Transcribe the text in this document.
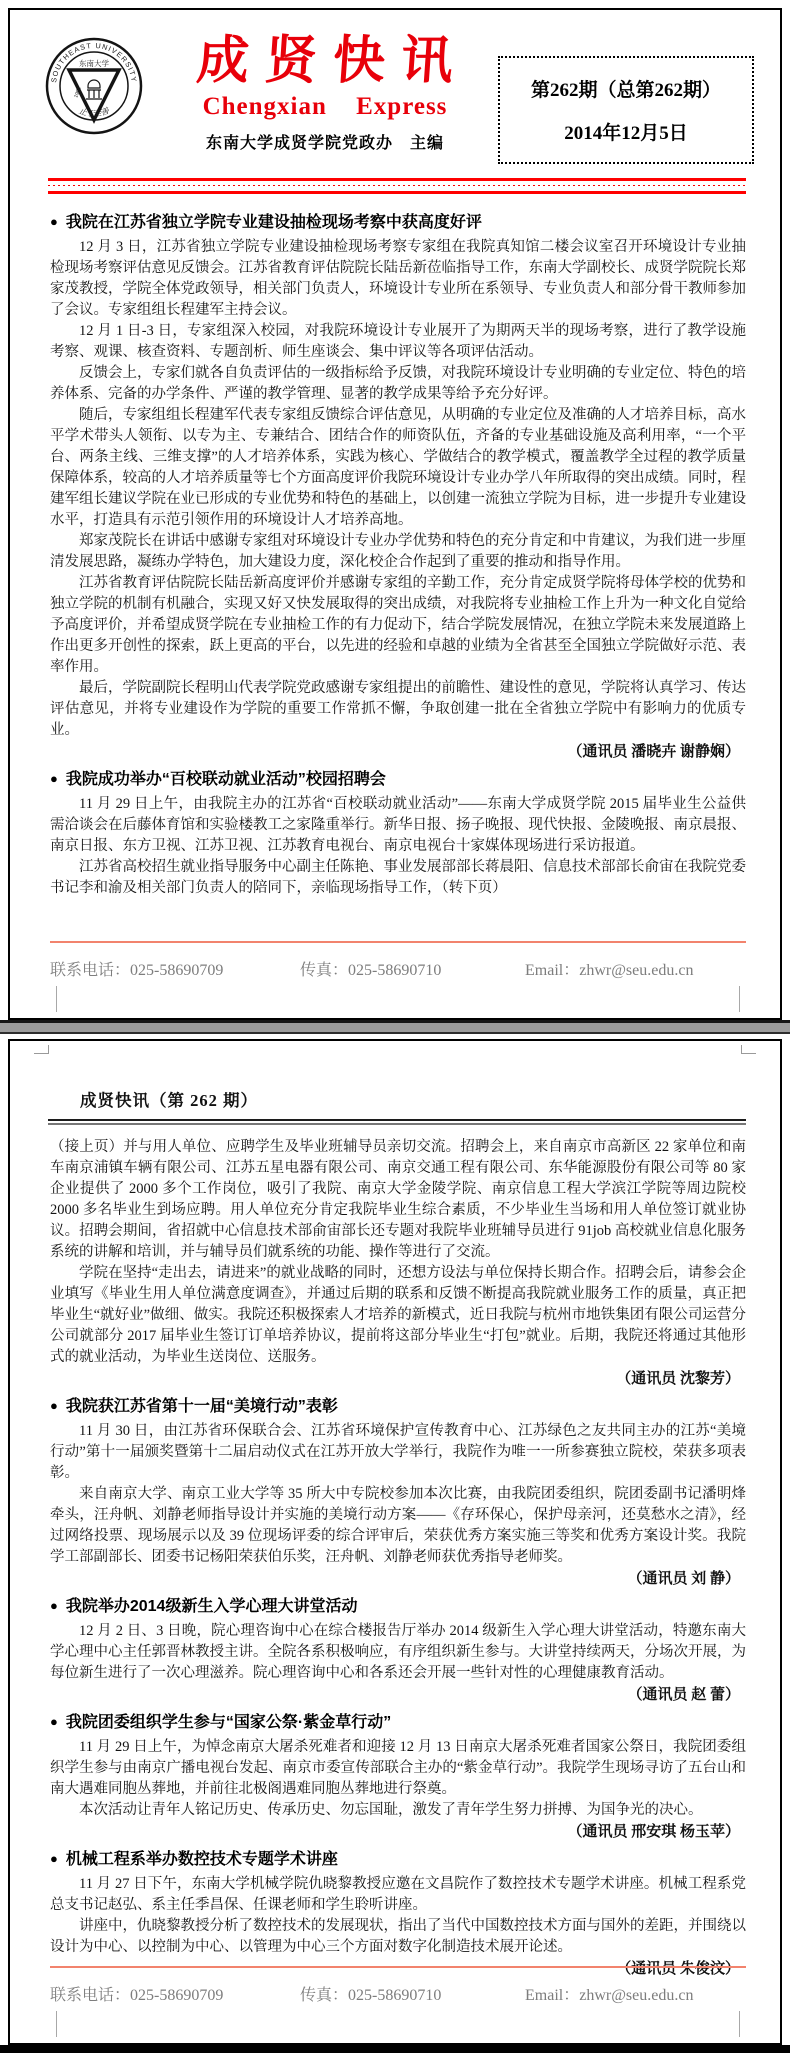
SOUTHEAST UNIVERSITY
止于至善
东南大学
1902
成贤快讯
Chengxian Express
东南大学成贤学院党政办　主编
第262期（总第262期）
2014年12月5日
● 我院在江苏省独立学院专业建设抽检现场考察中获高度好评

12 月 3 日，江苏省独立学院专业建设抽检现场考察专家组在我院真知馆二楼会议室召开环境设计专业抽检现场考察评估意见反馈会。江苏省教育评估院院长陆岳新莅临指导工作，东南大学副校长、成贤学院院长郑家茂教授，学院全体党政领导，相关部门负责人，环境设计专业所在系领导、专业负责人和部分骨干教师参加了会议。专家组组长程建军主持会议。

12 月 1 日-3 日，专家组深入校园，对我院环境设计专业展开了为期两天半的现场考察，进行了教学设施考察、观课、核查资料、专题剖析、师生座谈会、集中评议等各项评估活动。

反馈会上，专家们就各自负责评估的一级指标给予反馈，对我院环境设计专业明确的专业定位、特色的培养体系、完备的办学条件、严谨的教学管理、显著的教学成果等给予充分好评。

随后，专家组组长程建军代表专家组反馈综合评估意见，从明确的专业定位及准确的人才培养目标，高水平学术带头人领衔、以专为主、专兼结合、团结合作的师资队伍，齐备的专业基础设施及高利用率，“一个平台、两条主线、三维支撑”的人才培养体系，实践为核心、学做结合的教学模式，覆盖教学全过程的教学质量保障体系，较高的人才培养质量等七个方面高度评价我院环境设计专业办学八年所取得的突出成绩。同时，程建军组长建议学院在业已形成的专业优势和特色的基础上，以创建一流独立学院为目标，进一步提升专业建设水平，打造具有示范引领作用的环境设计人才培养高地。

郑家茂院长在讲话中感谢专家组对环境设计专业办学优势和特色的充分肯定和中肯建议，为我们进一步厘清发展思路，凝练办学特色，加大建设力度，深化校企合作起到了重要的推动和指导作用。

江苏省教育评估院院长陆岳新高度评价并感谢专家组的辛勤工作，充分肯定成贤学院将母体学校的优势和独立学院的机制有机融合，实现又好又快发展取得的突出成绩，对我院将专业抽检工作上升为一种文化自觉给予高度评价，并希望成贤学院在专业抽检工作的有力促动下，结合学院发展情况，在独立学院未来发展道路上作出更多开创性的探索，跃上更高的平台，以先进的经验和卓越的业绩为全省甚至全国独立学院做好示范、表率作用。

最后，学院副院长程明山代表学院党政感谢专家组提出的前瞻性、建设性的意见，学院将认真学习、传达评估意见，并将专业建设作为学院的重要工作常抓不懈，争取创建一批在全省独立学院中有影响力的优质专业。

（通讯员 潘晓卉 谢静娴）

● 我院成功举办“百校联动就业活动”校园招聘会

11 月 29 日上午，由我院主办的江苏省“百校联动就业活动”——东南大学成贤学院 2015 届毕业生公益供需洽谈会在后藤体育馆和实验楼教工之家隆重举行。新华日报、扬子晚报、现代快报、金陵晚报、南京晨报、南京日报、东方卫视、江苏卫视、江苏教育电视台、南京电视台十家媒体现场进行采访报道。

江苏省高校招生就业指导服务中心副主任陈艳、事业发展部部长蒋晨阳、信息技术部部长俞宙在我院党委书记李和渝及相关部门负责人的陪同下，亲临现场指导工作，（转下页）

联系电话：025-58690709	传真：025-58690710	Email：zhwr@seu.edu.cn
成贤快讯（第 262 期）

（接上页）并与用人单位、应聘学生及毕业班辅导员亲切交流。招聘会上，来自南京市高新区 22 家单位和南车南京浦镇车辆有限公司、江苏五星电器有限公司、南京交通工程有限公司、东华能源股份有限公司等 80 家企业提供了 2000 多个工作岗位，吸引了我院、南京大学金陵学院、南京信息工程大学滨江学院等周边院校 2000 多名毕业生到场应聘。用人单位充分肯定我院毕业生综合素质，不少毕业生当场和用人单位签订就业协议。招聘会期间，省招就中心信息技术部俞宙部长还专题对我院毕业班辅导员进行 91job 高校就业信息化服务系统的讲解和培训，并与辅导员们就系统的功能、操作等进行了交流。

学院在坚持“走出去，请进来”的就业战略的同时，还想方设法与单位保持长期合作。招聘会后，请参会企业填写《毕业生用人单位满意度调查》，并通过后期的联系和反馈不断提高我院就业服务工作的质量，真正把毕业生“就好业”做细、做实。我院还积极探索人才培养的新模式，近日我院与杭州市地铁集团有限公司运营分公司就部分 2017 届毕业生签订订单培养协议，提前将这部分毕业生“打包”就业。后期，我院还将通过其他形式的就业活动，为毕业生送岗位、送服务。

（通讯员 沈黎芳）

● 我院获江苏省第十一届“美境行动”表彰

11 月 30 日，由江苏省环保联合会、江苏省环境保护宣传教育中心、江苏绿色之友共同主办的江苏“美境行动”第十一届颁奖暨第十二届启动仪式在江苏开放大学举行，我院作为唯一一所参赛独立院校，荣获多项表彰。

来自南京大学、南京工业大学等 35 所大中专院校参加本次比赛，由我院团委组织，院团委副书记潘明烽牵头，汪舟帆、刘静老师指导设计并实施的美境行动方案——《存环保心，保护母亲河，还莫愁水之清》，经过网络投票、现场展示以及 39 位现场评委的综合评审后，荣获优秀方案实施三等奖和优秀方案设计奖。我院学工部副部长、团委书记杨阳荣获伯乐奖，汪舟帆、刘静老师获优秀指导老师奖。

（通讯员 刘 静）

● 我院举办2014级新生入学心理大讲堂活动

12 月 2 日、3 日晚，院心理咨询中心在综合楼报告厅举办 2014 级新生入学心理大讲堂活动，特邀东南大学心理中心主任郭晋林教授主讲。全院各系积极响应，有序组织新生参与。大讲堂持续两天，分场次开展，为每位新生进行了一次心理滋养。院心理咨询中心和各系还会开展一些针对性的心理健康教育活动。

（通讯员 赵 蕾）

● 我院团委组织学生参与“国家公祭·紫金草行动”

11 月 29 日上午，为悼念南京大屠杀死难者和迎接 12 月 13 日南京大屠杀死难者国家公祭日，我院团委组织学生参与由南京广播电视台发起、南京市委宣传部联合主办的“紫金草行动”。我院学生现场寻访了五台山和南大遇难同胞丛葬地，并前往北极阁遇难同胞丛葬地进行祭奠。

本次活动让青年人铭记历史、传承历史、勿忘国耻，激发了青年学生努力拼搏、为国争光的决心。

（通讯员 邢安琪 杨玉苹）

● 机械工程系举办数控技术专题学术讲座

11 月 27 日下午，东南大学机械学院仇晓黎教授应邀在文昌院作了数控技术专题学术讲座。机械工程系党总支书记赵弘、系主任季昌保、任课老师和学生聆听讲座。

讲座中，仇晓黎教授分析了数控技术的发展现状，指出了当代中国数控技术方面与国外的差距，并围绕以设计为中心、以控制为中心、以管理为中心三个方面对数字化制造技术展开论述。

（通讯员 朱俊汶）

联系电话：025-58690709	传真：025-58690710	Email：zhwr@seu.edu.cn
